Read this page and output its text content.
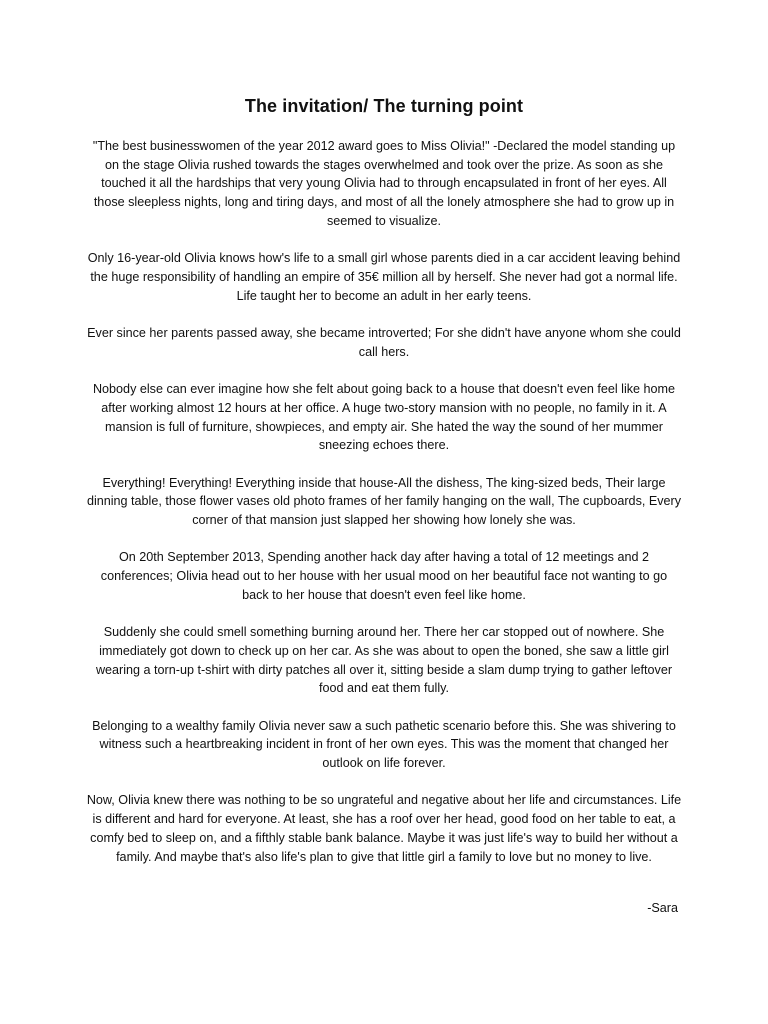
The invitation/ The turning point

"The best businesswomen of the year 2012 award goes to Miss Olivia!" -Declared the model standing up on the stage Olivia rushed towards the stages overwhelmed and took over the prize. As soon as she touched it all the hardships that very young Olivia had to through encapsulated in front of her eyes. All those sleepless nights, long and tiring days, and most of all the lonely atmosphere she had to grow up in seemed to visualize.

Only 16-year-old Olivia knows how's life to a small girl whose parents died in a car accident leaving behind the huge responsibility of handling an empire of 35€ million all by herself. She never had got a normal life. Life taught her to become an adult in her early teens.

Ever since her parents passed away, she became introverted; For she didn't have anyone whom she could call hers.

Nobody else can ever imagine how she felt about going back to a house that doesn't even feel like home after working almost 12 hours at her office. A huge two-story mansion with no people, no family in it. A mansion is full of furniture, showpieces, and empty air. She hated the way the sound of her mummer sneezing echoes there.

Everything! Everything! Everything inside that house-All the dishess, The king-sized beds, Their large dinning table, those flower vases old photo frames of her family hanging on the wall, The cupboards, Every corner of that mansion just slapped her showing how lonely she was.

On 20th September 2013, Spending another hack day after having a total of 12 meetings and 2 conferences; Olivia head out to her house with her usual mood on her beautiful face not wanting to go back to her house that doesn't even feel like home.

Suddenly she could smell something burning around her. There her car stopped out of nowhere. She immediately got down to check up on her car. As she was about to open the boned, she saw a little girl wearing a torn-up t-shirt with dirty patches all over it, sitting beside a slam dump trying to gather leftover food and eat them fully.

Belonging to a wealthy family Olivia never saw a such pathetic scenario before this. She was shivering to witness such a heartbreaking incident in front of her own eyes. This was the moment that changed her outlook on life forever.

Now, Olivia knew there was nothing to be so ungrateful and negative about her life and circumstances. Life is different and hard for everyone. At least, she has a roof over her head, good food on her table to eat, a comfy bed to sleep on, and a fifthly stable bank balance. Maybe it was just life's way to build her without a family. And maybe that's also life's plan to give that little girl a family to love but no money to live.

-Sara
